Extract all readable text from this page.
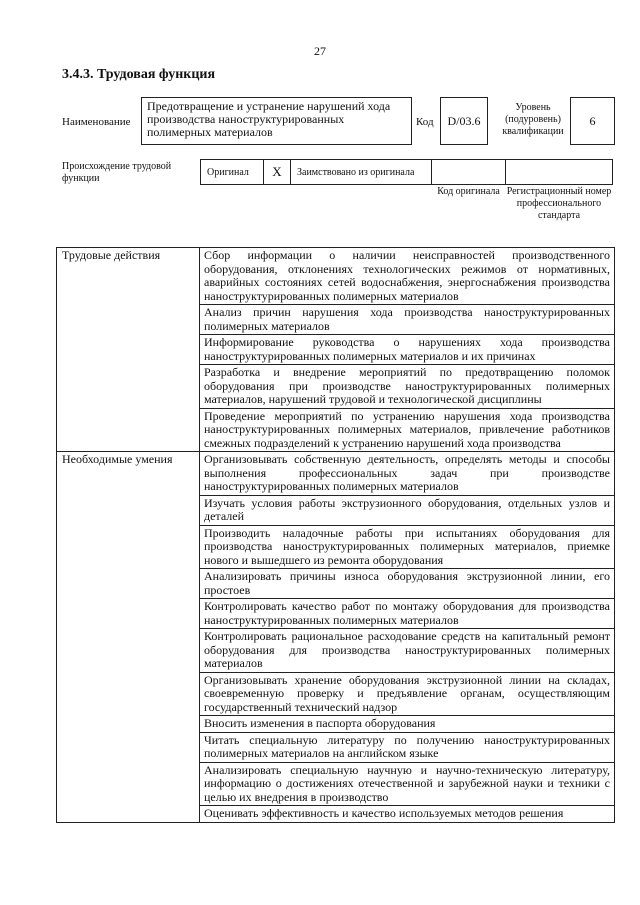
27
3.4.3. Трудовая функция
Наименование
Предотвращение и устранение нарушений хода производства наноструктурированных полимерных материалов
Код	D/03.6
Уровень (подуровень) квалификации
6
Происхождение трудовой функции
Оригинал	X	Заимствовано из оригинала
Код оригинала Регистрационный номер профессионального стандарта
Трудовые действия	Сбор информации о наличии неисправностей производственного оборудования, отклонениях технологических режимов от нормативных, аварийных состояниях сетей водоснабжения, энергоснабжения производства наноструктурированных полимерных материалов
	Анализ причин нарушения хода производства наноструктурированных полимерных материалов
	Информирование руководства о нарушениях хода производства наноструктурированных полимерных материалов и их причинах
	Разработка и внедрение мероприятий по предотвращению поломок оборудования при производстве наноструктурированных полимерных материалов, нарушений трудовой и технологической дисциплины
	Проведение мероприятий по устранению нарушения хода производства наноструктурированных полимерных материалов, привлечение работников смежных подразделений к устранению нарушений хода производства
Необходимые умения	Организовывать собственную деятельность, определять методы и способы выполнения профессиональных задач при производстве наноструктурированных полимерных материалов
	Изучать условия работы экструзионного оборудования, отдельных узлов и деталей
	Производить наладочные работы при испытаниях оборудования для производства наноструктурированных полимерных материалов, приемке нового и вышедшего из ремонта оборудования
	Анализировать причины износа оборудования экструзионной линии, его простоев
	Контролировать качество работ по монтажу оборудования для производства наноструктурированных полимерных материалов
	Контролировать рациональное расходование средств на капитальный ремонт оборудования для производства наноструктурированных полимерных материалов
	Организовывать хранение оборудования экструзионной линии на складах, своевременную проверку и предъявление органам, осуществляющим государственный технический надзор
	Вносить изменения в паспорта оборудования
	Читать специальную литературу по получению наноструктурированных полимерных материалов на английском языке
	Анализировать специальную научную и научно-техническую литературу, информацию о достижениях отечественной и зарубежной науки и техники с целью их внедрения в производство
	Оценивать эффективность и качество используемых методов решения
